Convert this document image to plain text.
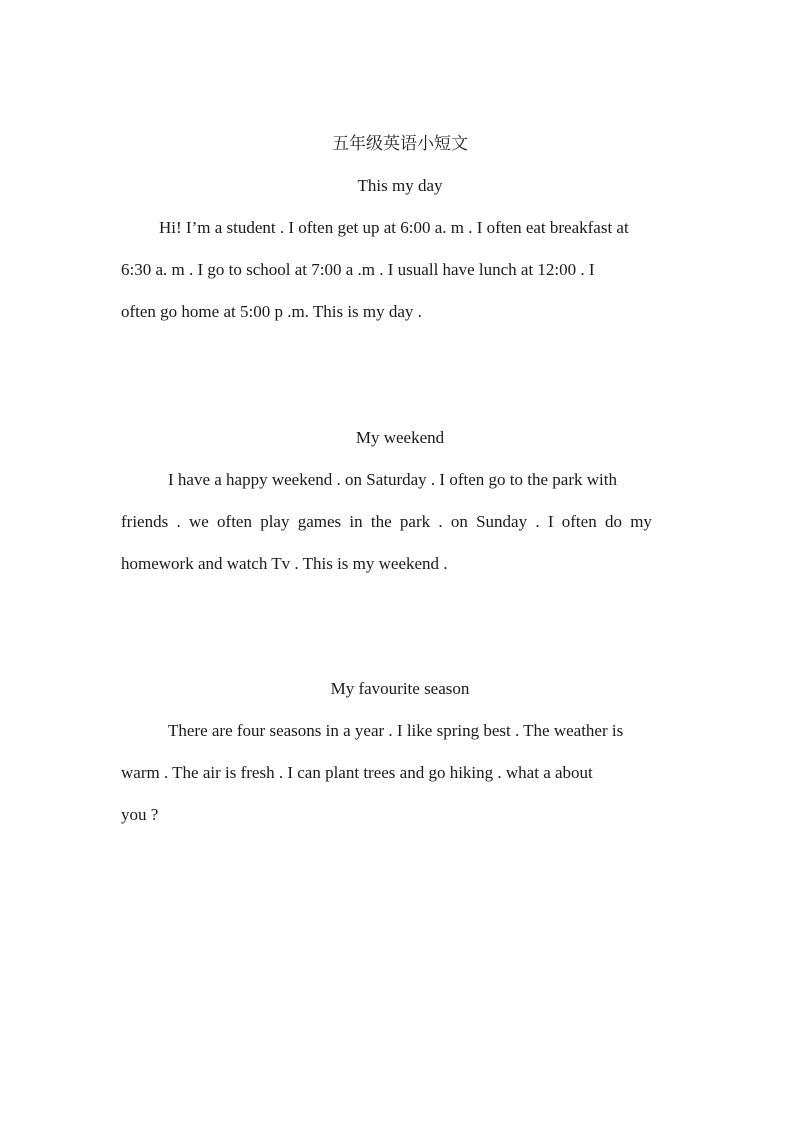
五年级英语小短文
This my day
Hi! I’m a student . I often get up at 6:00 a. m . I often eat breakfast at
6:30 a. m . I go to school at 7:00 a .m . I usuall have lunch at 12:00 . I
often go home at 5:00 p .m. This is my day .
My weekend
I have a happy weekend . on Saturday . I often go to the park with
friends . we often play games in the park . on Sunday . I often do my
homework and watch Tv . This is my weekend .
My favourite season
There are four seasons in a year . I like spring best . The weather is
warm . The air is fresh . I can plant trees and go hiking . what a about
you ?
